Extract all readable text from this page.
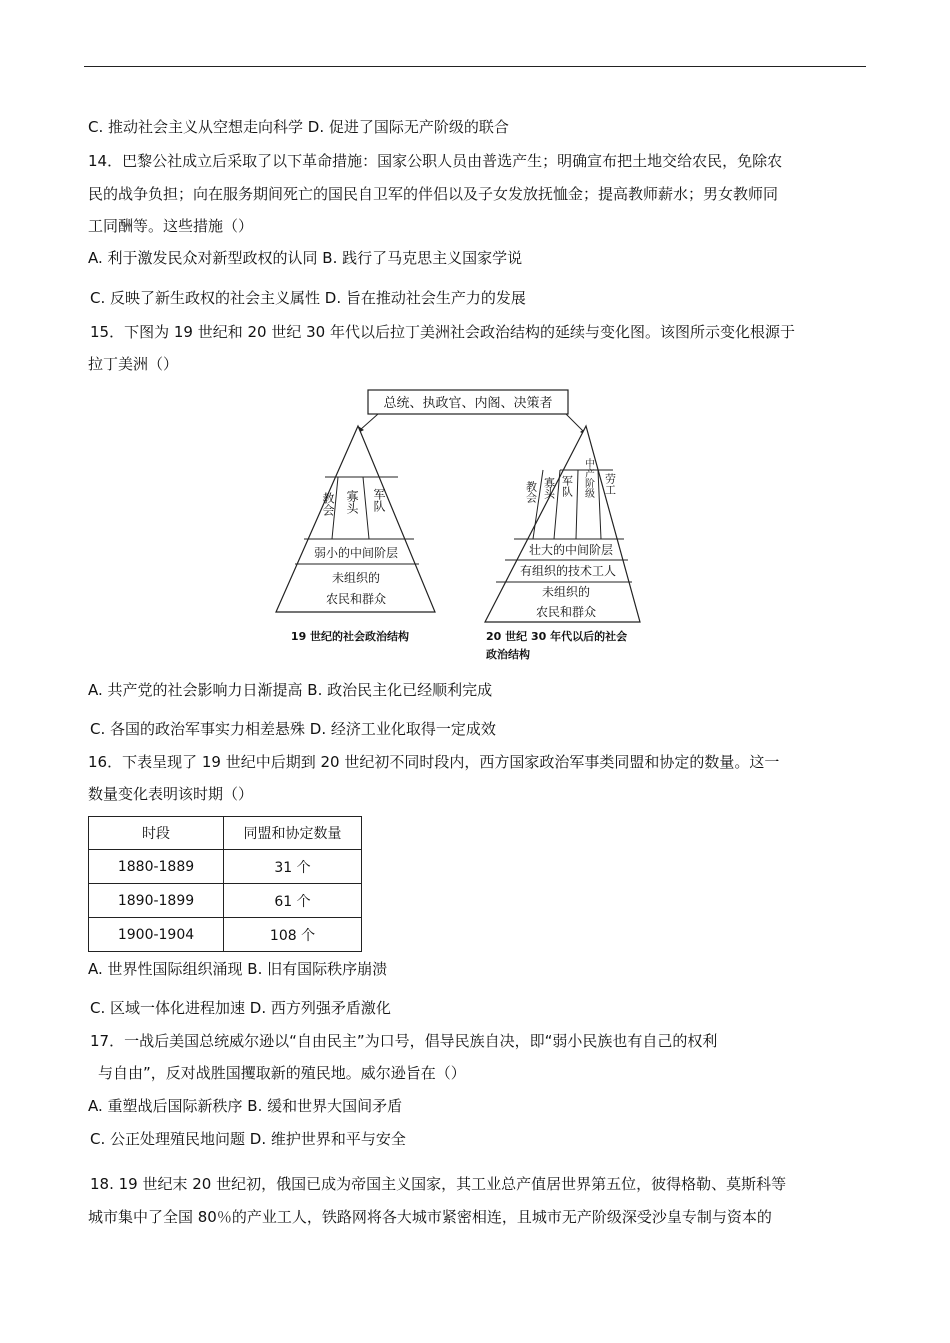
C. 推动社会主义从空想走向科学 D. 促进了国际无产阶级的联合
14．巴黎公社成立后采取了以下革命措施：国家公职人员由普选产生；明确宣布把土地交给农民，免除农
民的战争负担；向在服务期间死亡的国民自卫军的伴侣以及子女发放抚恤金；提高教师薪水；男女教师同
工同酬等。这些措施（）
A. 利于激发民众对新型政权的认同 B. 践行了马克思主义国家学说
C. 反映了新生政权的社会主义属性 D. 旨在推动社会生产力的发展
15．下图为 19 世纪和 20 世纪 30 年代以后拉丁美洲社会政治结构的延续与变化图。该图所示变化根源于
拉丁美洲（）
总统、执政官、内阁、决策者
教会 寡头 军队
弱小的中间阶层
未组织的
农民和群众
19 世纪的社会政治结构
教会 寡头 军队 中产阶级 劳工
壮大的中间阶层
有组织的技术工人
未组织的
农民和群众
20 世纪 30 年代以后的社会
政治结构
A. 共产党的社会影响力日渐提高 B. 政治民主化已经顺利完成
C. 各国的政治军事实力相差悬殊 D. 经济工业化取得一定成效
16．下表呈现了 19 世纪中后期到 20 世纪初不同时段内，西方国家政治军事类同盟和协定的数量。这一
数量变化表明该时期（）
时段	同盟和协定数量
1880-1889	31 个
1890-1899	61 个
1900-1904	108 个
A. 世界性国际组织涌现 B. 旧有国际秩序崩溃
C. 区域一体化进程加速 D. 西方列强矛盾激化
17．一战后美国总统威尔逊以“自由民主”为口号，倡导民族自决，即“弱小民族也有自己的权利
与自由”，反对战胜国攫取新的殖民地。威尔逊旨在（）
A. 重塑战后国际新秩序 B. 缓和世界大国间矛盾
C. 公正处理殖民地问题 D. 维护世界和平与安全
18. 19 世纪末 20 世纪初，俄国已成为帝国主义国家，其工业总产值居世界第五位，彼得格勒、莫斯科等
城市集中了全国 80％的产业工人，铁路网将各大城市紧密相连，且城市无产阶级深受沙皇专制与资本的
